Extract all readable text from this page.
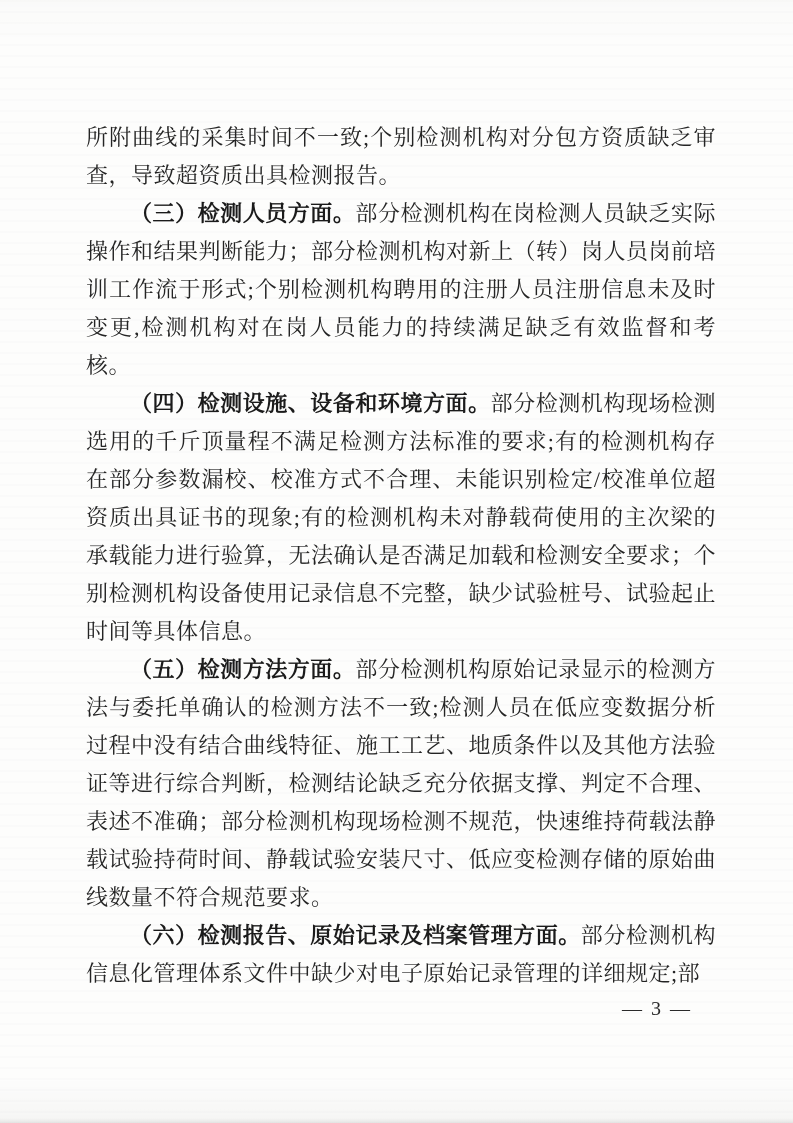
所附曲线的采集时间不一致;个别检测机构对分包方资质缺乏审查，导致超资质出具检测报告。

（三）检测人员方面。部分检测机构在岗检测人员缺乏实际操作和结果判断能力；部分检测机构对新上（转）岗人员岗前培训工作流于形式;个别检测机构聘用的注册人员注册信息未及时变更,检测机构对在岗人员能力的持续满足缺乏有效监督和考核。

（四）检测设施、设备和环境方面。部分检测机构现场检测选用的千斤顶量程不满足检测方法标准的要求;有的检测机构存在部分参数漏校、校准方式不合理、未能识别检定/校准单位超资质出具证书的现象;有的检测机构未对静载荷使用的主次梁的承载能力进行验算，无法确认是否满足加载和检测安全要求；个别检测机构设备使用记录信息不完整，缺少试验桩号、试验起止时间等具体信息。

（五）检测方法方面。部分检测机构原始记录显示的检测方法与委托单确认的检测方法不一致;检测人员在低应变数据分析过程中没有结合曲线特征、施工工艺、地质条件以及其他方法验证等进行综合判断，检测结论缺乏充分依据支撑、判定不合理、表述不准确；部分检测机构现场检测不规范，快速维持荷载法静载试验持荷时间、静载试验安装尺寸、低应变检测存储的原始曲线数量不符合规范要求。

（六）检测报告、原始记录及档案管理方面。部分检测机构信息化管理体系文件中缺少对电子原始记录管理的详细规定;部

— 3 —
